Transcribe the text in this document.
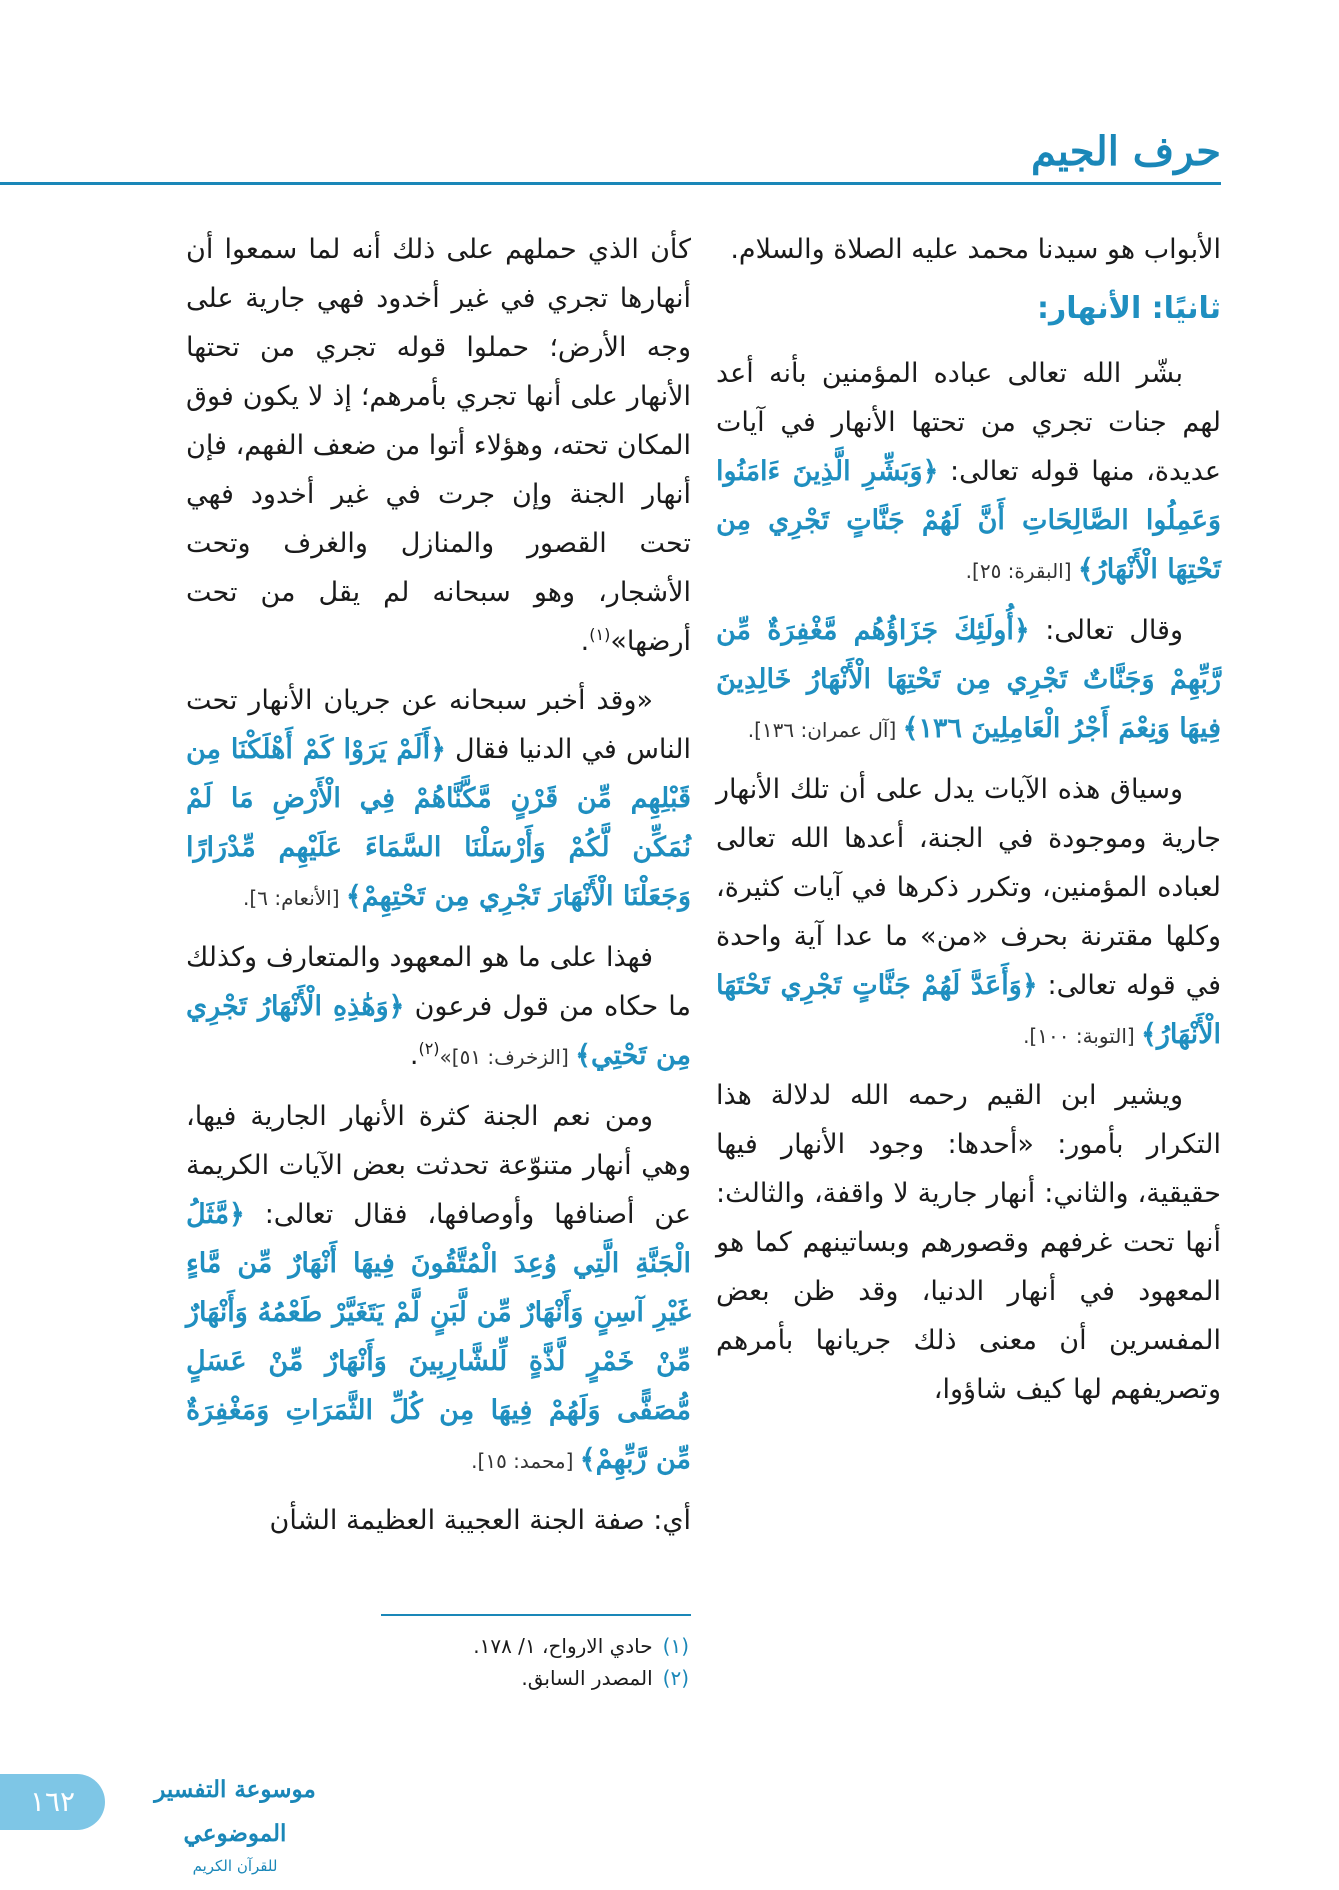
حرف الجيم

الأبواب هو سيدنا محمد عليه الصلاة والسلام.

ثانيًا: الأنهار:

بشّر الله تعالى عباده المؤمنين بأنه أعد لهم جنات تجري من تحتها الأنهار في آيات عديدة، منها قوله تعالى: ﴿وَبَشِّرِ الَّذِينَ ءَامَنُوا وَعَمِلُوا الصَّالِحَاتِ أَنَّ لَهُمْ جَنَّاتٍ تَجْرِي مِن تَحْتِهَا الْأَنْهَارُ﴾ [البقرة: ٢٥].

وقال تعالى: ﴿أُولَئِكَ جَزَاؤُهُم مَّغْفِرَةٌ مِّن رَّبِّهِمْ وَجَنَّاتٌ تَجْرِي مِن تَحْتِهَا الْأَنْهَارُ خَالِدِينَ فِيهَا وَنِعْمَ أَجْرُ الْعَامِلِينَ ١٣٦﴾ [آل عمران: ١٣٦].

وسياق هذه الآيات يدل على أن تلك الأنهار جارية وموجودة في الجنة، أعدها الله تعالى لعباده المؤمنين، وتكرر ذكرها في آيات كثيرة، وكلها مقترنة بحرف «من» ما عدا آية واحدة في قوله تعالى: ﴿وَأَعَدَّ لَهُمْ جَنَّاتٍ تَجْرِي تَحْتَهَا الْأَنْهَارُ﴾ [التوبة: ١٠٠].

ويشير ابن القيم رحمه الله لدلالة هذا التكرار بأمور: «أحدها: وجود الأنهار فيها حقيقية، والثاني: أنهار جارية لا واقفة، والثالث: أنها تحت غرفهم وقصورهم وبساتينهم كما هو المعهود في أنهار الدنيا، وقد ظن بعض المفسرين أن معنى ذلك جريانها بأمرهم وتصريفهم لها كيف شاؤوا،

كأن الذي حملهم على ذلك أنه لما سمعوا أن أنهارها تجري في غير أخدود فهي جارية على وجه الأرض؛ حملوا قوله تجري من تحتها الأنهار على أنها تجري بأمرهم؛ إذ لا يكون فوق المكان تحته، وهؤلاء أتوا من ضعف الفهم، فإن أنهار الجنة وإن جرت في غير أخدود فهي تحت القصور والمنازل والغرف وتحت الأشجار، وهو سبحانه لم يقل من تحت أرضها»$^{(١)}$.

«وقد أخبر سبحانه عن جريان الأنهار تحت الناس في الدنيا فقال ﴿أَلَمْ يَرَوْا كَمْ أَهْلَكْنَا مِن قَبْلِهِم مِّن قَرْنٍ مَّكَّنَّاهُمْ فِي الْأَرْضِ مَا لَمْ نُمَكِّن لَّكُمْ وَأَرْسَلْنَا السَّمَاءَ عَلَيْهِم مِّدْرَارًا وَجَعَلْنَا الْأَنْهَارَ تَجْرِي مِن تَحْتِهِمْ﴾ [الأنعام: ٦].

فهذا على ما هو المعهود والمتعارف وكذلك ما حكاه من قول فرعون ﴿وَهَٰذِهِ الْأَنْهَارُ تَجْرِي مِن تَحْتِي﴾ [الزخرف: ٥١]»$^{(٢)}$.

ومن نعم الجنة كثرة الأنهار الجارية فيها، وهي أنهار متنوّعة تحدثت بعض الآيات الكريمة عن أصنافها وأوصافها، فقال تعالى: ﴿مَّثَلُ الْجَنَّةِ الَّتِي وُعِدَ الْمُتَّقُونَ فِيهَا أَنْهَارٌ مِّن مَّاءٍ غَيْرِ آسِنٍ وَأَنْهَارٌ مِّن لَّبَنٍ لَّمْ يَتَغَيَّرْ طَعْمُهُ وَأَنْهَارٌ مِّنْ خَمْرٍ لَّذَّةٍ لِّلشَّارِبِينَ وَأَنْهَارٌ مِّنْ عَسَلٍ مُّصَفًّى وَلَهُمْ فِيهَا مِن كُلِّ الثَّمَرَاتِ وَمَغْفِرَةٌ مِّن رَّبِّهِمْ﴾ [محمد: ١٥].

أي: صفة الجنة العجيبة العظيمة الشأن

(١)حادي الارواح، ١/ ١٧٨.

(٢)المصدر السابق.

١٦٢	موسوعة التفسير الموضوعي
للقرآن الكريم
